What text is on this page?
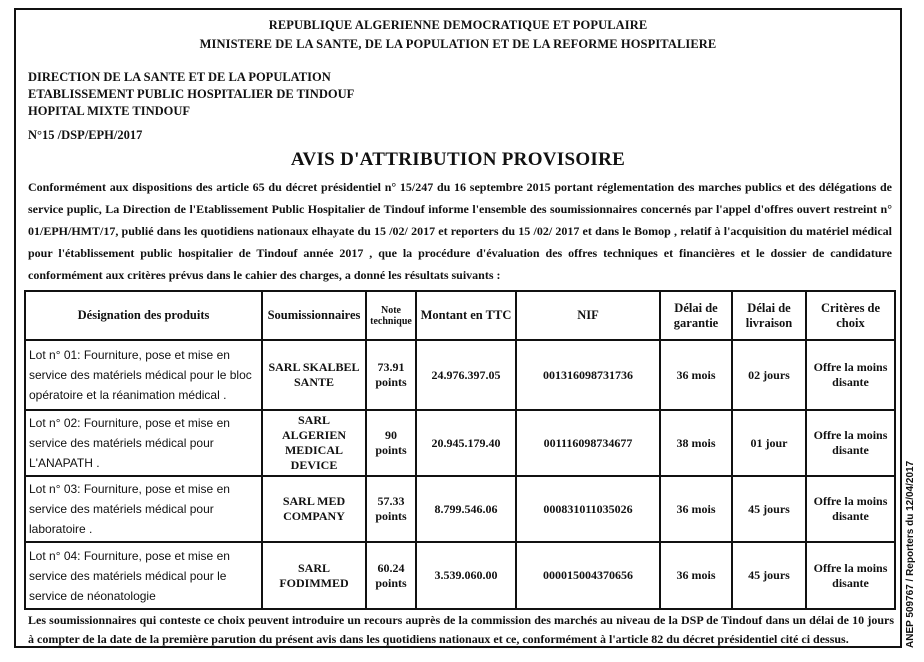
REPUBLIQUE ALGERIENNE DEMOCRATIQUE ET POPULAIRE
MINISTERE DE LA SANTE, DE LA POPULATION ET DE LA REFORME HOSPITALIERE
DIRECTION DE LA SANTE ET DE LA POPULATION
ETABLISSEMENT PUBLIC HOSPITALIER DE TINDOUF
HOPITAL MIXTE TINDOUF
N°15 /DSP/EPH/2017
AVIS D'ATTRIBUTION PROVISOIRE
Conformément aux dispositions des article 65 du décret présidentiel n° 15/247 du 16 septembre 2015 portant réglementation des marches publics et des délégations de service puplic, La Direction de l'Etablissement Public Hospitalier de Tindouf informe l'ensemble des soumissionnaires concernés par l'appel d'offres ouvert restreint n° 01/EPH/HMT/17, publié dans les quotidiens nationaux elhayate du 15 /02/ 2017 et reporters du 15 /02/ 2017 et dans le Bomop , relatif à l'acquisition du matériel médical pour l'établissement public hospitalier de Tindouf année 2017 , que la procédure d'évaluation des offres techniques et financières et le dossier de candidature conformément aux critères prévus dans le cahier des charges, a donné les résultats suivants :
Désignation des produits	Soumissionnaires	Note technique	Montant en TTC	NIF	Délai de garantie	Délai de livraison	Critères de choix
Lot n° 01: Fourniture, pose et mise en service des matériels médical pour le bloc opératoire et la réanimation médical .	SARL SKALBEL SANTE	73.91 points	24.976.397.05	001316098731736	36 mois	02 jours	Offre la moins disante
Lot n° 02: Fourniture, pose et mise en service des matériels médical pour L'ANAPATH .	SARL ALGERIEN MEDICAL DEVICE	90 points	20.945.179.40	001116098734677	38 mois	01 jour	Offre la moins disante
Lot n° 03: Fourniture, pose et mise en service des matériels médical pour laboratoire .	SARL MED COMPANY	57.33 points	8.799.546.06	000831011035026	36 mois	45 jours	Offre la moins disante
Lot n° 04: Fourniture, pose et mise en service des matériels médical pour le service de néonatologie	SARL FODIMMED	60.24 points	3.539.060.00	000015004370656	36 mois	45 jours	Offre la moins disante
Les soumissionnaires qui conteste ce choix peuvent introduire un recours auprès de la commission des marchés au niveau de la DSP de Tindouf dans un délai de 10 jours à compter de la date de la première parution du présent avis dans les quotidiens nationaux et ce, conformément à l'article 82 du décret présidentiel cité ci dessus.	ANEP 509767 / Reporters du 12/04/2017
